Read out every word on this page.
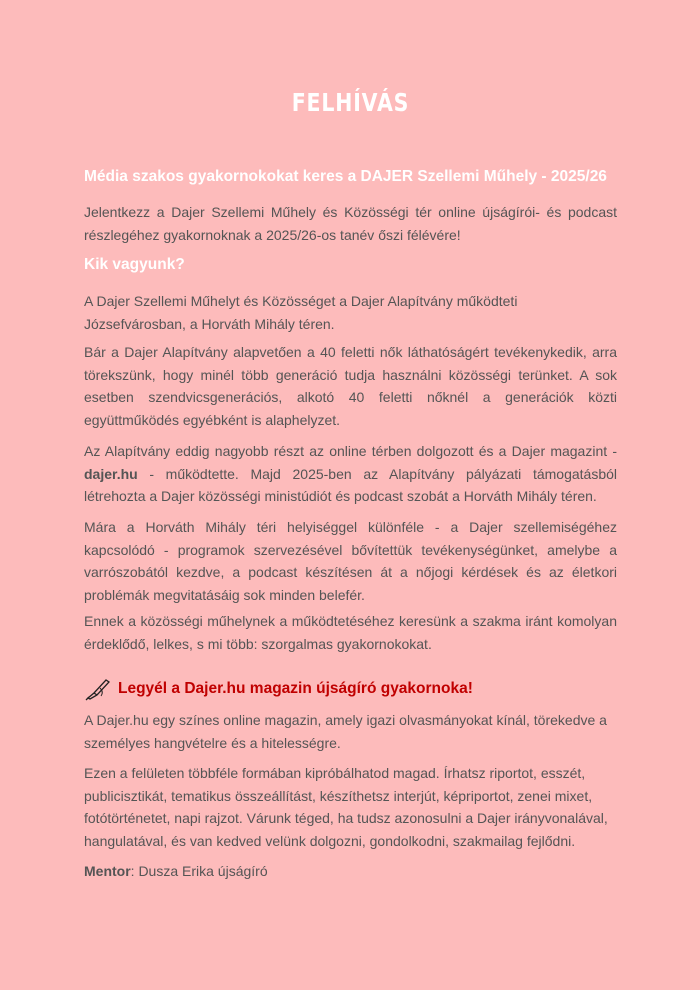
FELHÍVÁS
Média szakos gyakornokokat keres a DAJER Szellemi Műhely - 2025/26
Jelentkezz a Dajer Szellemi Műhely és Közösségi tér online újságírói- és podcast részlegéhez gyakornoknak a 2025/26-os tanév őszi félévére!
Kik vagyunk?
A Dajer Szellemi Műhelyt és Közösséget a Dajer Alapítvány működteti Józsefvárosban, a Horváth Mihály téren.
Bár a Dajer Alapítvány alapvetően a 40 feletti nők láthatóságért tevékenykedik, arra törekszünk, hogy minél több generáció tudja használni közösségi terünket. A sok esetben szendvicsgenerációs, alkotó 40 feletti nőknél a generációk közti együttműködés egyébként is alaphelyzet.
Az Alapítvány eddig nagyobb részt az online térben dolgozott és a Dajer magazint - dajer.hu - működtette. Majd 2025-ben az Alapítvány pályázati támogatásból létrehozta a Dajer közösségi ministúdiót és podcast szobát a Horváth Mihály téren.
Mára a Horváth Mihály téri helyiséggel különféle - a Dajer szellemiségéhez kapcsolódó - programok szervezésével bővítettük tevékenységünket, amelybe a varrószobától kezdve, a podcast készítésen át a nőjogi kérdések és az életkori problémák megvitatásáig sok minden belefér.
Ennek a közösségi műhelynek a működtetéséhez keresünk a szakma iránt komolyan érdeklődő, lelkes, s mi több: szorgalmas gyakornokokat.
Legyél a Dajer.hu magazin újságíró gyakornoka!
A Dajer.hu egy színes online magazin, amely igazi olvasmányokat kínál, törekedve a személyes hangvételre és a hitelességre.
Ezen a felületen többféle formában kipróbálhatod magad. Írhatsz riportot, esszét, publicisztikát, tematikus összeállítást, készíthetsz interjút, képriportot, zenei mixet, fotótörténetet, napi rajzot. Várunk téged, ha tudsz azonosulni a Dajer irányvonalával, hangulatával, és van kedved velünk dolgozni, gondolkodni, szakmailag fejlődni.
Mentor: Dusza Erika újságíró
